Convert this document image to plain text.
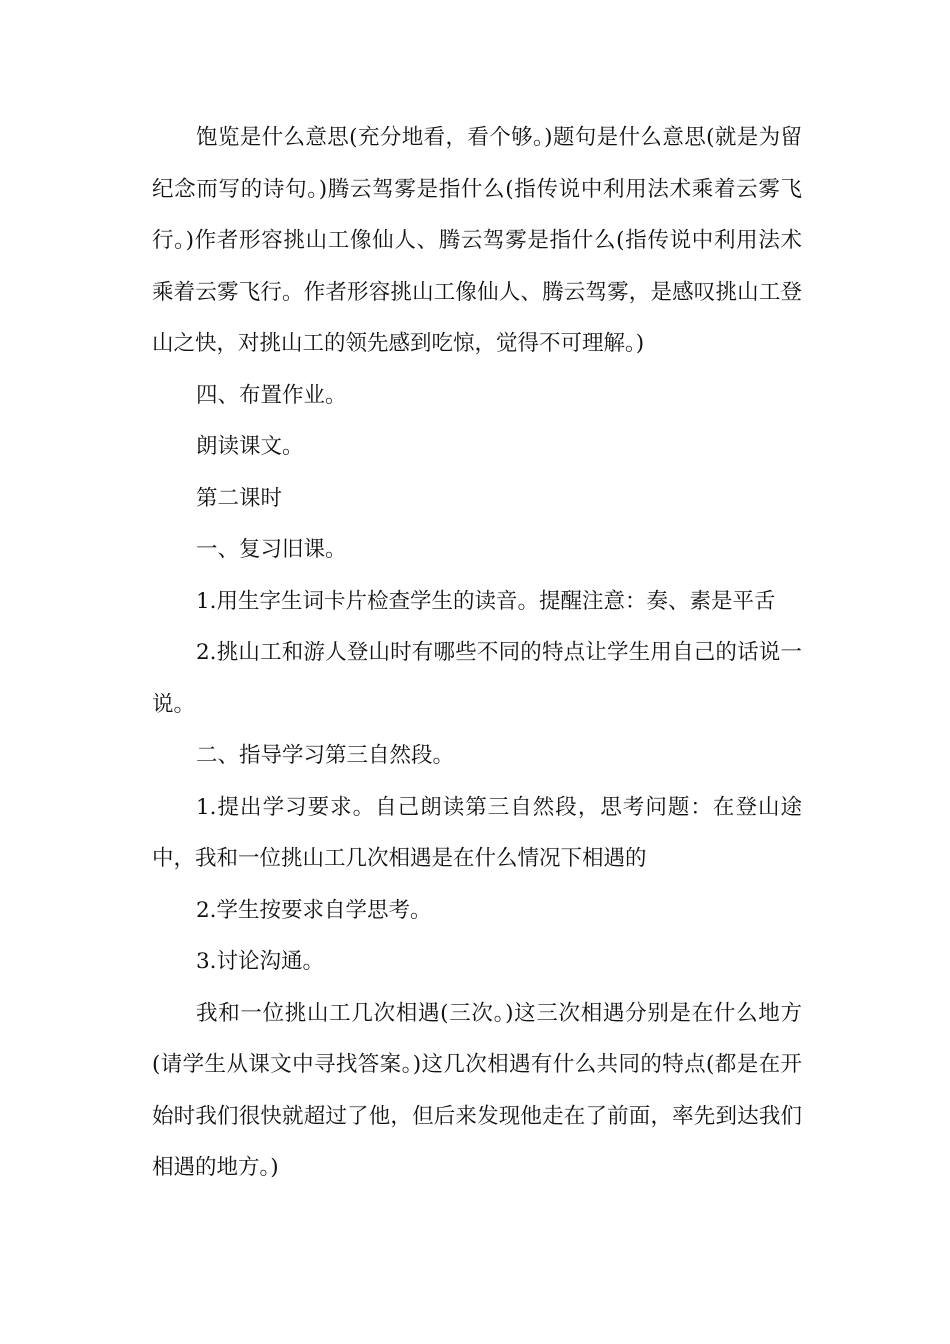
饱览是什么意思(充分地看，看个够。)题句是什么意思(就是为留纪念而写的诗句。)腾云驾雾是指什么(指传说中利用法术乘着云雾飞行。)作者形容挑山工像仙人、腾云驾雾是指什么(指传说中利用法术乘着云雾飞行。作者形容挑山工像仙人、腾云驾雾，是感叹挑山工登山之快，对挑山工的领先感到吃惊，觉得不可理解。)

四、布置作业。

朗读课文。

第二课时

一、复习旧课。

1.用生字生词卡片检查学生的读音。提醒注意：奏、素是平舌

2.挑山工和游人登山时有哪些不同的特点让学生用自己的话说一说。

二、指导学习第三自然段。

1.提出学习要求。自己朗读第三自然段，思考问题：在登山途中，我和一位挑山工几次相遇是在什么情况下相遇的

2.学生按要求自学思考。

3.讨论沟通。

我和一位挑山工几次相遇(三次。)这三次相遇分别是在什么地方(请学生从课文中寻找答案。)这几次相遇有什么共同的特点(都是在开始时我们很快就超过了他，但后来发现他走在了前面，率先到达我们相遇的地方。)
